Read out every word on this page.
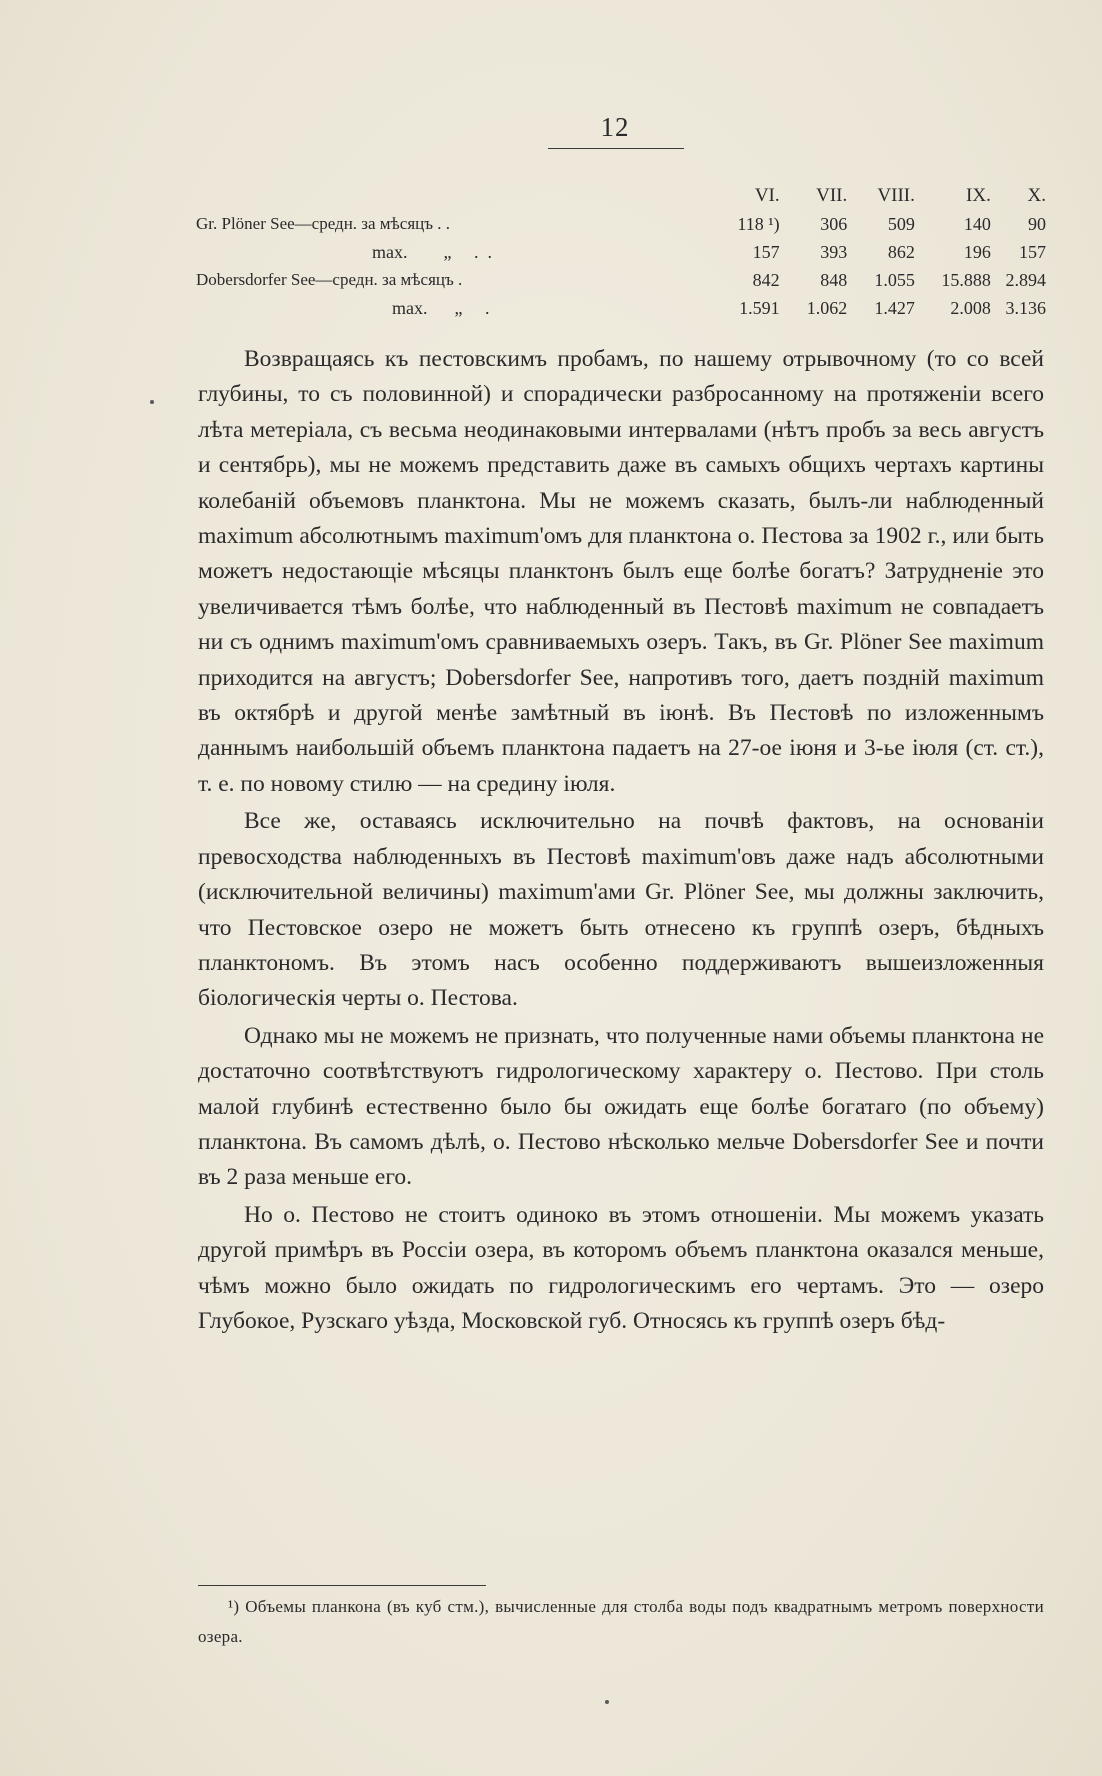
12
	VI.	VII.	VIII.	IX.	X.
Gr. Plöner See—средн. за мѣсяцъ . .	118 ¹)	306	509	140	90
max.        „     .  .	157	393	862	196	157
Dobersdorfer See—средн. за мѣсяцъ .	842	848	1.055	15.888	2.894
max.      „     .	1.591	1.062	1.427	2.008	3.136

Возвращаясь къ пестовскимъ пробамъ, по нашему отрывочному (то со всей глубины, то съ половинной) и спорадически разбросанному на протяженiи всего лѣта метерiала, съ весьма неодинаковыми интервалами (нѣтъ пробъ за весь августъ и сентябрь), мы не можемъ представить даже въ самыхъ общихъ чертахъ картины колебанiй объемовъ планктона. Мы не можемъ сказать, былъ-ли наблюденный maximum абсолютнымъ maximum'омъ для планктона о. Пестова за 1902 г., или быть можетъ недостающiе мѣсяцы планктонъ былъ еще болѣе богатъ? Затрудненiе это увеличивается тѣмъ болѣе, что наблюденный въ Пестовѣ maximum не совпадаетъ ни съ однимъ maximum'омъ сравниваемыхъ озеръ. Такъ, въ Gr. Plöner See maximum приходится на августъ; Dobersdorfer See, напротивъ того, даетъ позднiй maximum въ октябрѣ и другой менѣе замѣтный въ iюнѣ. Въ Пестовѣ по изложеннымъ даннымъ наибольшiй объемъ планктона падаетъ на 27-ое iюня и 3-ье iюля (ст. ст.), т. е. по новому стилю — на средину iюля.

Все же, оставаясь исключительно на почвѣ фактовъ, на основанiи превосходства наблюденныхъ въ Пестовѣ maximum'овъ даже надъ абсолютными (исключительной величины) maximum'ами Gr. Plöner See, мы должны заключить, что Пестовское озеро не можетъ быть отнесено къ группѣ озеръ, бѣдныхъ планктономъ. Въ этомъ насъ особенно поддерживаютъ вышеизложенныя бiологическiя черты о. Пестова.

Однако мы не можемъ не признать, что полученные нами объемы планктона не достаточно соотвѣтствуютъ гидрологическому характеру о. Пестово. При столь малой глубинѣ естественно было бы ожидать еще болѣе богатаго (по объему) планктона. Въ самомъ дѣлѣ, о. Пестово нѣсколько мельче Dobersdorfer See и почти въ 2 раза меньше его.

Но о. Пестово не стоитъ одиноко въ этомъ отношенiи. Мы можемъ указать другой примѣръ въ Россiи озера, въ которомъ объемъ планктона оказался меньше, чѣмъ можно было ожидать по гидрологическимъ его чертамъ. Это — озеро Глубокое, Рузскаго уѣзда, Московской губ. Относясь къ группѣ озеръ бѣд-

¹) Объемы планкона (въ куб стм.), вычисленные для столба воды подъ квадратнымъ метромъ поверхности озера.
